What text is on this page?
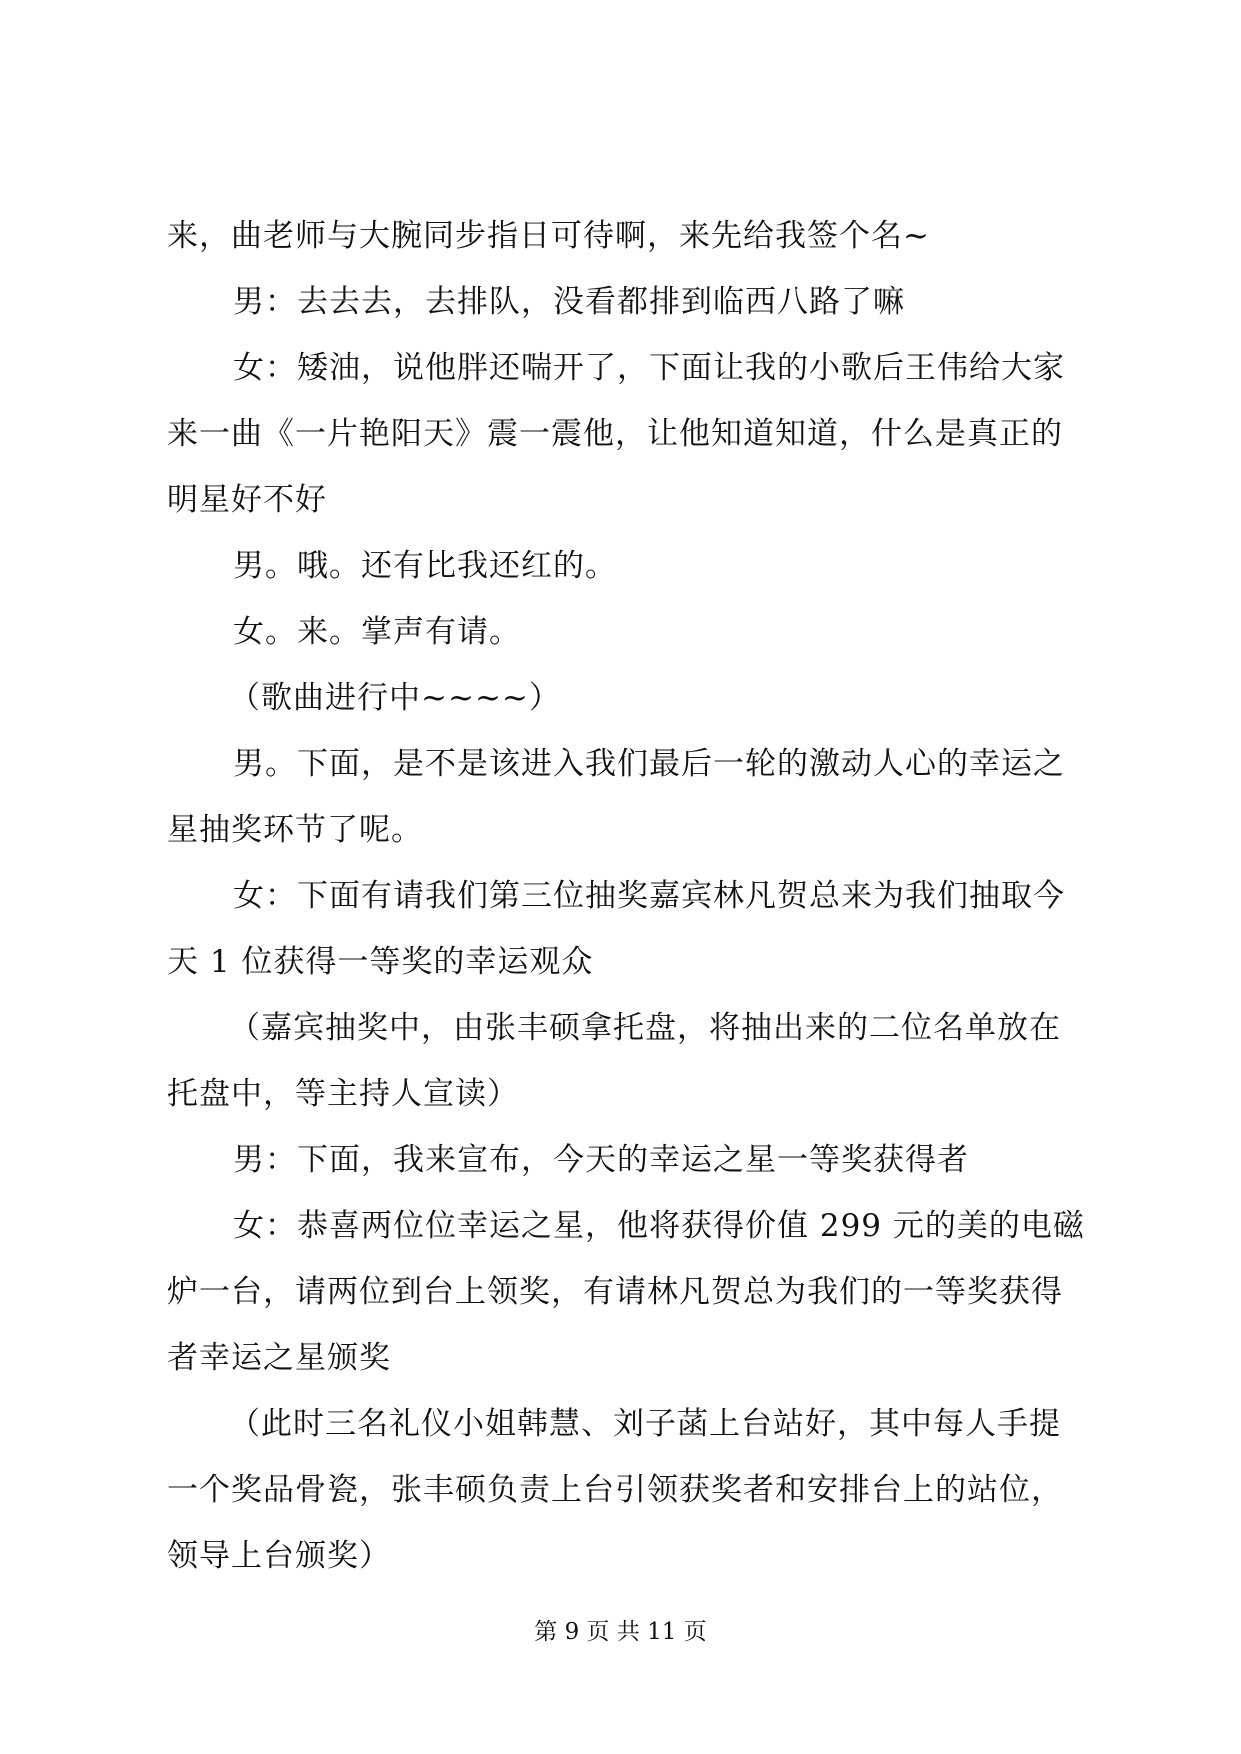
来，曲老师与大腕同步指日可待啊，来先给我签个名~
男：去去去，去排队，没看都排到临西八路了嘛
女：矮油，说他胖还喘开了，下面让我的小歌后王伟给大家
来一曲《一片艳阳天》震一震他，让他知道知道，什么是真正的
明星好不好
男。哦。还有比我还红的。
女。来。掌声有请。
（歌曲进行中~~~~）
男。下面，是不是该进入我们最后一轮的激动人心的幸运之
星抽奖环节了呢。
女：下面有请我们第三位抽奖嘉宾林凡贺总来为我们抽取今
天 1 位获得一等奖的幸运观众
（嘉宾抽奖中，由张丰硕拿托盘，将抽出来的二位名单放在
托盘中，等主持人宣读）
男：下面，我来宣布，今天的幸运之星一等奖获得者
女：恭喜两位位幸运之星，他将获得价值 299 元的美的电磁
炉一台，请两位到台上领奖，有请林凡贺总为我们的一等奖获得
者幸运之星颁奖
（此时三名礼仪小姐韩慧、刘子菡上台站好，其中每人手提
一个奖品骨瓷，张丰硕负责上台引领获奖者和安排台上的站位，
领导上台颁奖）
第 9 页 共 11 页
